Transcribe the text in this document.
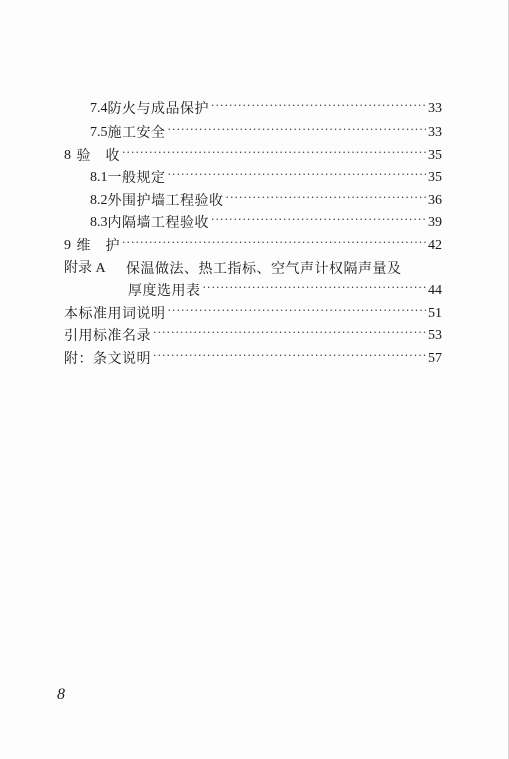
7.4 防火与成品保护 ·····	33
7.5 施工安全 ·····	33
8 验　收 ·····	35
8.1 一般规定 ·····	35
8.2 外围护墙工程验收 ·····	36
8.3 内隔墙工程验收 ·····	39
9 维　护 ·····	42
附录 A	保温做法、热工指标、空气声计权隔声量及
厚度选用表 ·····	44
本标准用词说明 ·····	51
引用标准名录 ·····	53
附：条文说明 ·····	57
8
